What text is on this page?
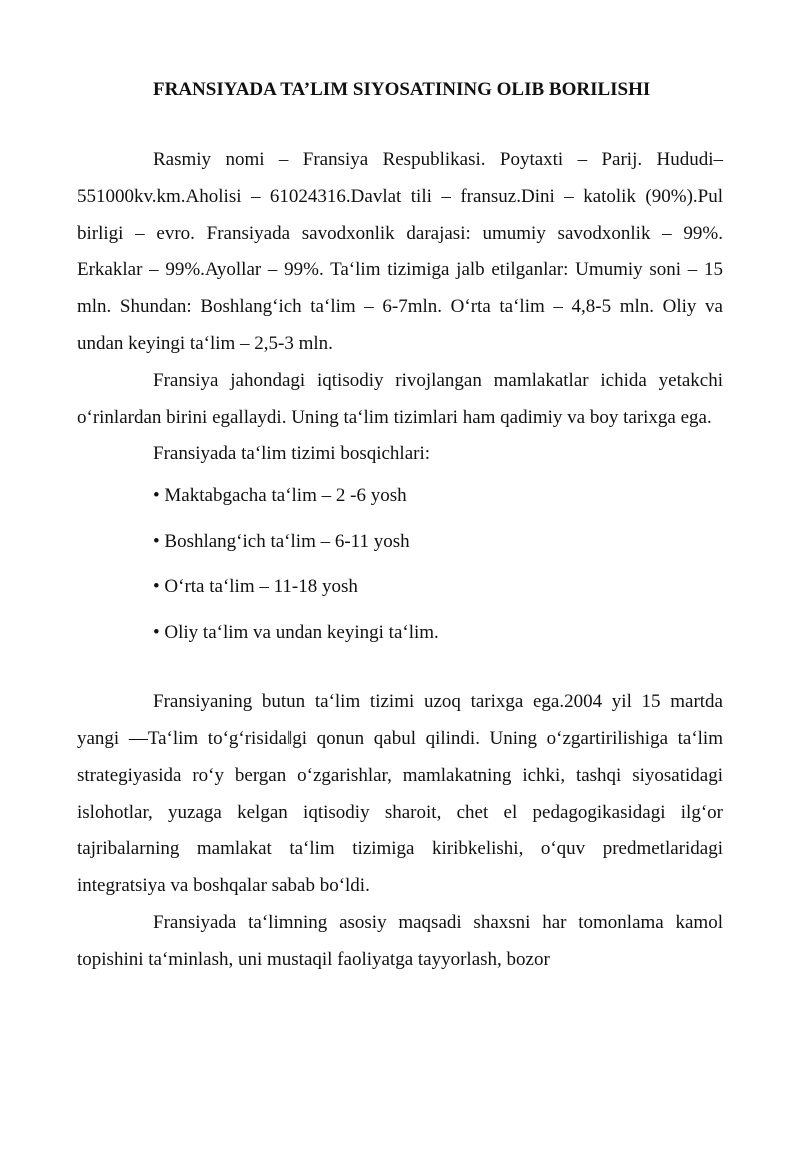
FRANSIYADA TA’LIM SIYOSATINING OLIB BORILISHI

Rasmiy nomi – Fransiya Respublikasi. Poytaxti – Parij. Hududi–551000kv.km.Aholisi – 61024316.Davlat tili – fransuz.Dini – katolik (90%).Pul birligi – evro. Fransiyada savodxonlik darajasi: umumiy savodxonlik – 99%. Erkaklar – 99%.Ayollar – 99%. Ta‘lim tizimiga jalb etilganlar: Umumiy soni – 15 mln. Shundan: Boshlang‘ich ta‘lim – 6-7mln. O‘rta ta‘lim – 4,8-5 mln. Oliy va undan keyingi ta‘lim – 2,5-3 mln.

Fransiya jahondagi iqtisodiy rivojlangan mamlakatlar ichida yetakchi o‘rinlardan birini egallaydi. Uning ta‘lim tizimlari ham qadimiy va boy tarixga ega.

Fransiyada ta‘lim tizimi bosqichlari:

• Maktabgacha ta‘lim – 2 -6 yosh
• Boshlang‘ich ta‘lim – 6-11 yosh
• O‘rta ta‘lim – 11-18 yosh
• Oliy ta‘lim va undan keyingi ta‘lim.

Fransiyaning butun ta‘lim tizimi uzoq tarixga ega.2004 yil 15 martda yangi ―Ta‘lim to‘g‘risida‖gi qonun qabul qilindi. Uning o‘zgartirilishiga ta‘lim strategiyasida ro‘y bergan o‘zgarishlar, mamlakatning ichki, tashqi siyosatidagi islohotlar, yuzaga kelgan iqtisodiy sharoit, chet el pedagogikasidagi ilg‘or tajribalarning mamlakat ta‘lim tizimiga kiribkelishi, o‘quv predmetlaridagi integratsiya va boshqalar sabab bo‘ldi.

Fransiyada ta‘limning asosiy maqsadi shaxsni har tomonlama kamol topishini ta‘minlash, uni mustaqil faoliyatga tayyorlash, bozor
